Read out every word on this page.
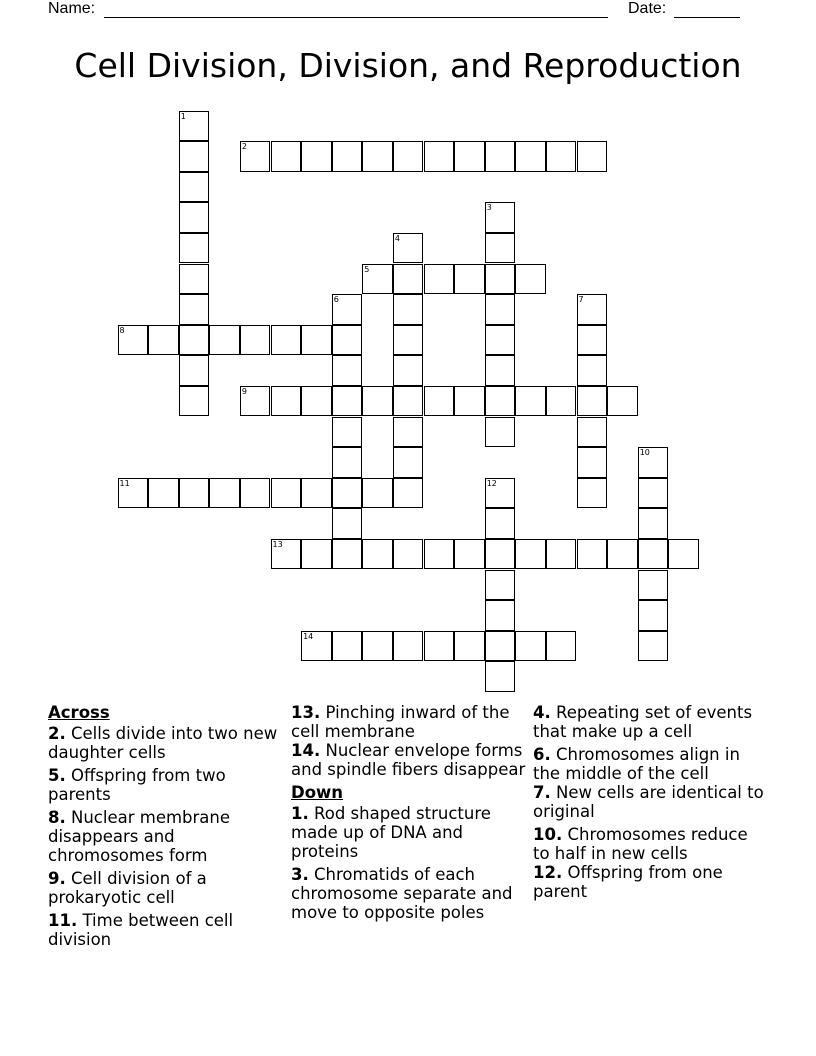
Name:	Date:
Cell Division, Division, and Reproduction
1
2
3
4
5
6	7
8
9
10
11	12
13
14
Across
2. Cells divide into two new daughter cells
5. Offspring from two parents
8. Nuclear membrane disappears and chromosomes form
9. Cell division of a prokaryotic cell
11. Time between cell division
13. Pinching inward of the cell membrane
14. Nuclear envelope forms and spindle fibers disappear
Down
1. Rod shaped structure made up of DNA and proteins
3. Chromatids of each chromosome separate and move to opposite poles
4. Repeating set of events that make up a cell
6. Chromosomes align in the middle of the cell
7. New cells are identical to original
10. Chromosomes reduce to half in new cells
12. Offspring from one parent
